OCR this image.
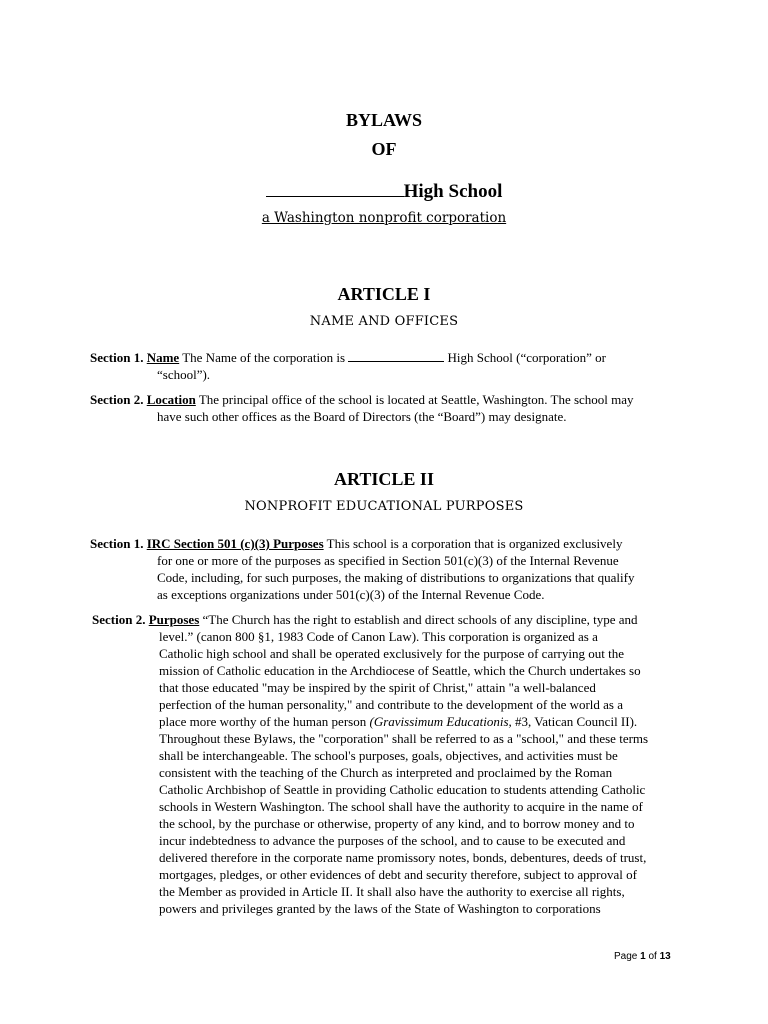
BYLAWS
OF
High School
a Washington nonprofit corporation
ARTICLE I
NAME AND OFFICES
Section 1. Name The Name of the corporation is	High School (“corporation” or
“school”).
Section 2. Location The principal office of the school is located at Seattle, Washington. The school may
have such other offices as the Board of Directors (the “Board”) may designate.
ARTICLE II
NONPROFIT EDUCATIONAL PURPOSES
Section 1. IRC Section 501 (c)(3) Purposes This school is a corporation that is organized exclusively
for one or more of the purposes as specified in Section 501(c)(3) of the Internal Revenue
Code, including, for such purposes, the making of distributions to organizations that qualify
as exceptions organizations under 501(c)(3) of the Internal Revenue Code.
Section 2. Purposes “The Church has the right to establish and direct schools of any discipline, type and
level.” (canon 800 §1, 1983 Code of Canon Law). This corporation is organized as a
Catholic high school and shall be operated exclusively for the purpose of carrying out the
mission of Catholic education in the Archdiocese of Seattle, which the Church undertakes so
that those educated "may be inspired by the spirit of Christ," attain "a well-balanced
perfection of the human personality," and contribute to the development of the world as a
place more worthy of the human person (Gravissimum Educationis, #3, Vatican Council II).
Throughout these Bylaws, the "corporation" shall be referred to as a "school," and these terms
shall be interchangeable. The school's purposes, goals, objectives, and activities must be
consistent with the teaching of the Church as interpreted and proclaimed by the Roman
Catholic Archbishop of Seattle in providing Catholic education to students attending Catholic
schools in Western Washington. The school shall have the authority to acquire in the name of
the school, by the purchase or otherwise, property of any kind, and to borrow money and to
incur indebtedness to advance the purposes of the school, and to cause to be executed and
delivered therefore in the corporate name promissory notes, bonds, debentures, deeds of trust,
mortgages, pledges, or other evidences of debt and security therefore, subject to approval of
the Member as provided in Article II. It shall also have the authority to exercise all rights,
powers and privileges granted by the laws of the State of Washington to corporations
Page 1 of 13
